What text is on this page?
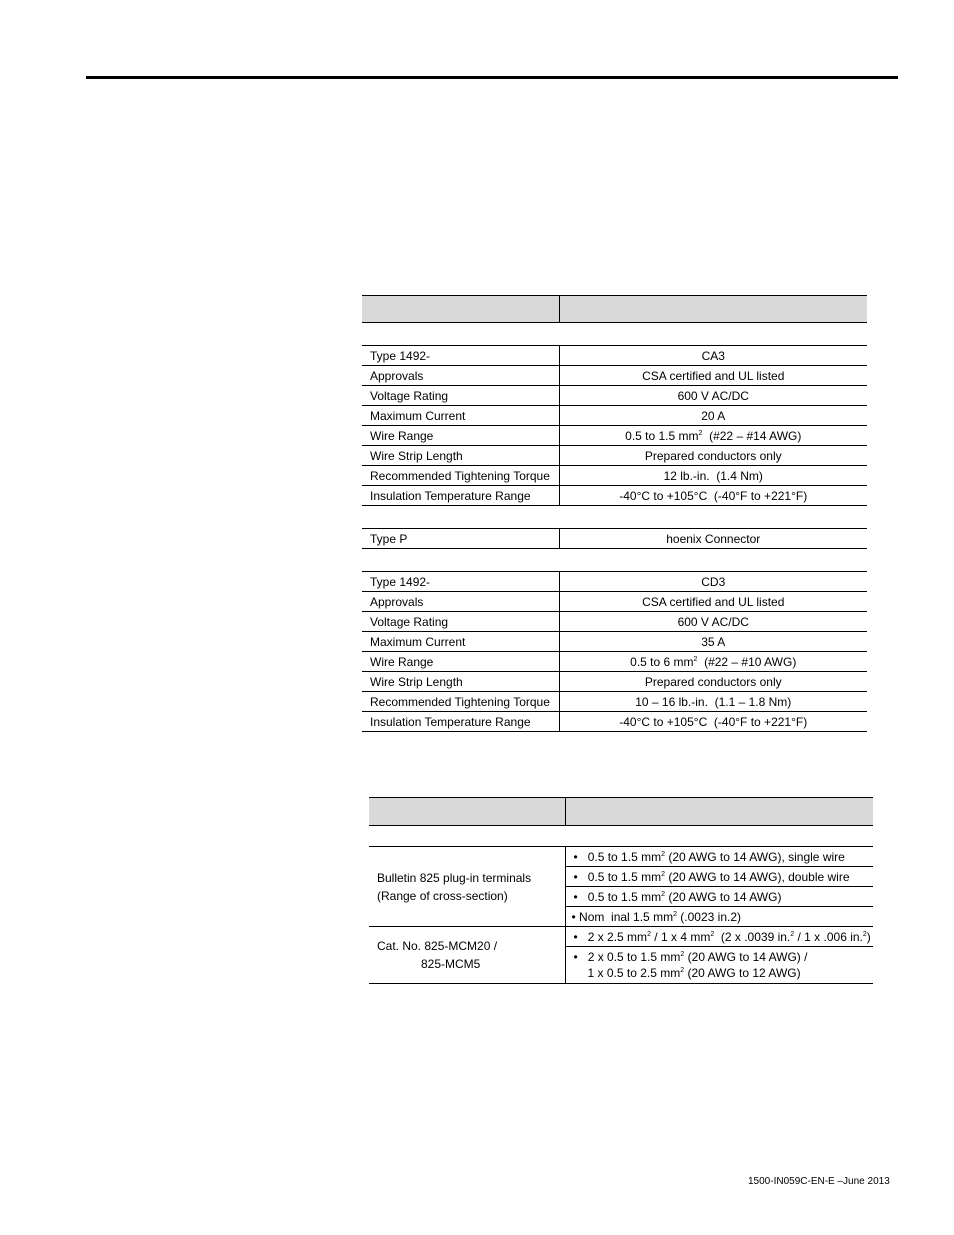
Type 1492-	CA3
Approvals	CSA certified and UL listed
Voltage Rating	600 V AC/DC
Maximum Current	20 A
Wire Range	0.5 to 1.5 $mm^2$  (#22 – #14 AWG)
Wire Strip Length	Prepared conductors only
Recommended Tightening Torque	12 lb.-in.  (1.4 Nm)
Insulation Temperature Range	-40°C to +105°C  (-40°F to +221°F)

Type P	hoenix Connector

Type 1492-	CD3
Approvals	CSA certified and UL listed
Voltage Rating	600 V AC/DC
Maximum Current	35 A
Wire Range	0.5 to 6 $mm^2$  (#22 – #10 AWG)
Wire Strip Length	Prepared conductors only
Recommended Tightening Torque	10 – 16 lb.-in.  (1.1 – 1.8 Nm)
Insulation Temperature Range	-40°C to +105°C  (-40°F to +221°F)

Bulletin 825 plug-in terminals
(Range of cross-section)	•   0.5 to 1.5 $mm^2$ (20 AWG to 14 AWG), single wire
	•   0.5 to 1.5 $mm^2$ (20 AWG to 14 AWG), double wire
	•   0.5 to 1.5 $mm^2$ (20 AWG to 14 AWG)
	• Nom  inal 1.5 $mm^2$ (.0023 in.2)

Cat. No. 825-MCM20 /
825-MCM5	•   2 x 2.5 $mm^2 / 1$ x 4 $mm^2$  (2 x .0039 in.$^2$ / 1 x .006 in.$^2$)

	•   2 x 0.5 to 1.5 $mm^2$ (20 AWG to 14 AWG) /
1 x 0.5 to 2.5 $mm^2$ (20 AWG to 12 AWG)
1500-IN059C-EN-E –June 2013
